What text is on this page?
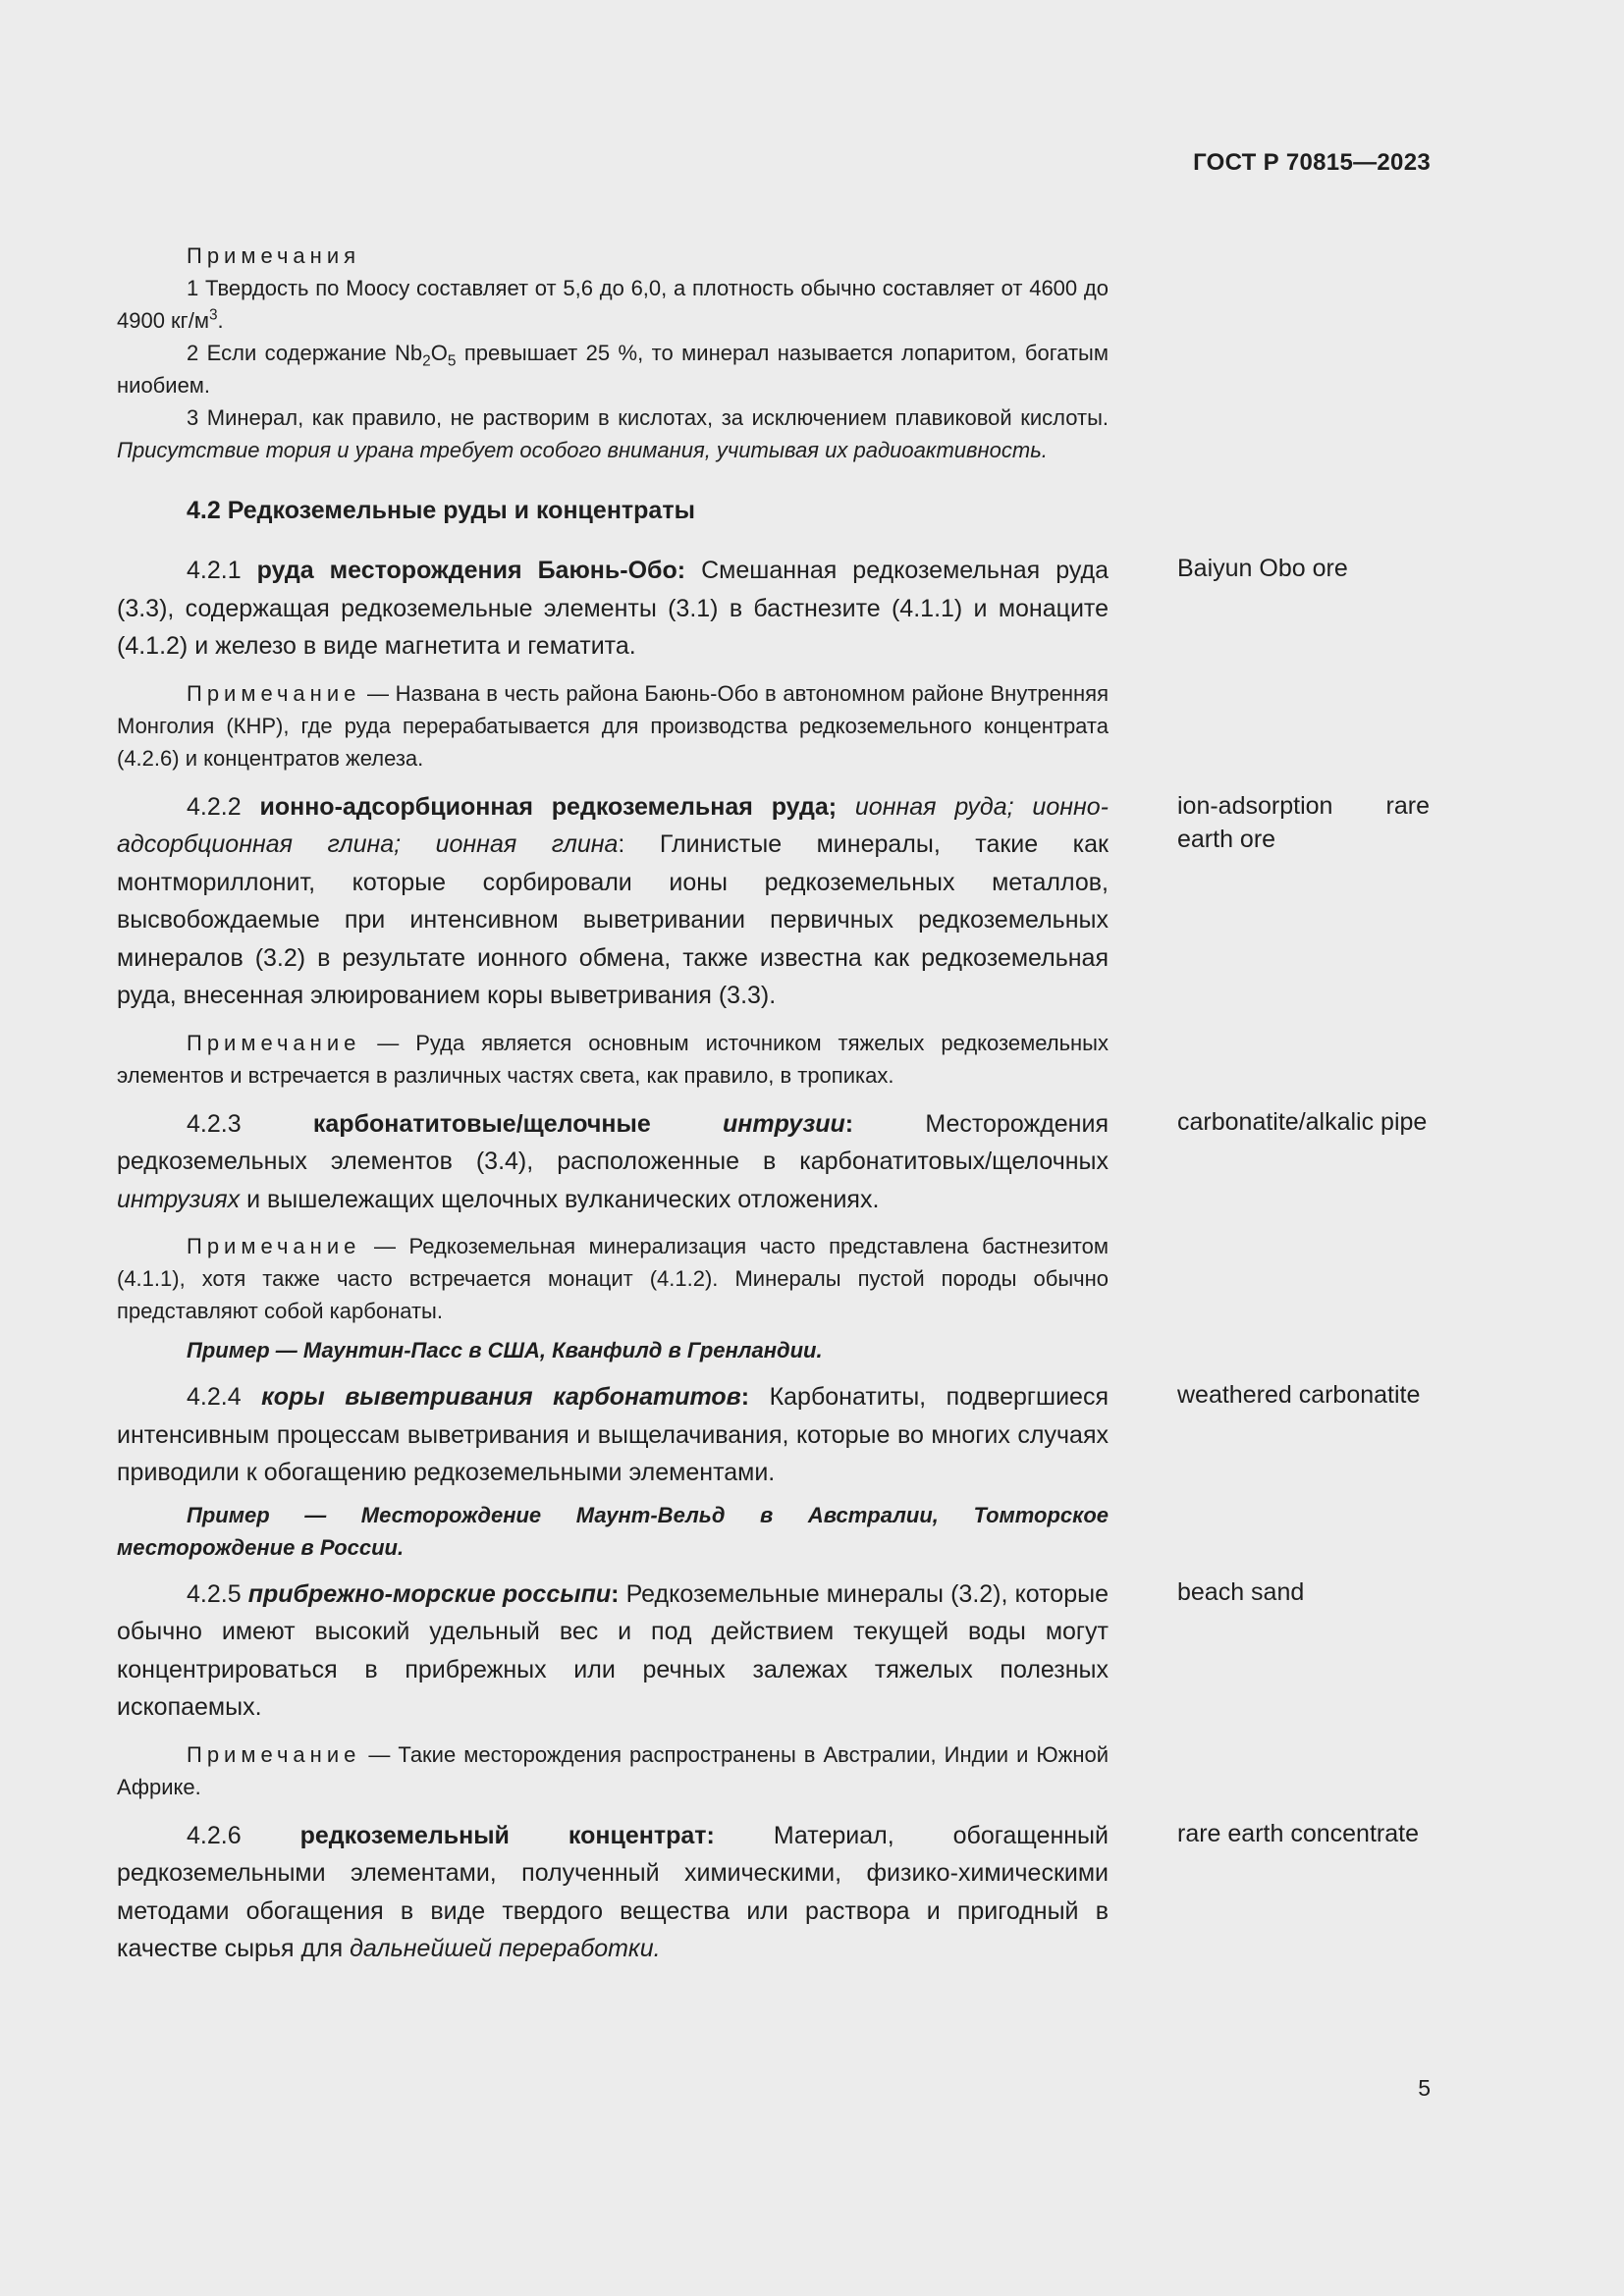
ГОСТ Р 70815—2023

Примечания

1 Твердость по Моосу составляет от 5,6 до 6,0, а плотность обычно составляет от 4600 до 4900 $кг/м^3$.

2 Если содержание $Nb_2O_5$ превышает 25 %, то минерал называется лопаритом, богатым ниобием.

3 Минерал, как правило, не растворим в кислотах, за исключением плавиковой кислоты. Присутствие тория и урана требует особого внимания, учитывая их радиоактивность.

4.2 Редкоземельные руды и концентраты

Baiyun Obo ore

4.2.1 руда месторождения Баюнь-Обо: Смешанная редкоземельная руда (3.3), содержащая редкоземельные элементы (3.1) в бастнезите (4.1.1) и монаците (4.1.2) и железо в виде магнетита и гематита.

Примечание — Названа в честь района Баюнь-Обо в автономном районе Внутренняя Монголия (КНР), где руда перерабатывается для производства редкоземельного концентрата (4.2.6) и концентратов железа.

ion-adsorption rare earth ore

4.2.2 ионно-адсорбционная редкоземельная руда; ионная руда; ионно-адсорбционная глина; ионная глина: Глинистые минералы, такие как монтмориллонит, которые сорбировали ионы редкоземельных металлов, высвобождаемые при интенсивном выветривании первичных редкоземельных минералов (3.2) в результате ионного обмена, также известна как редкоземельная руда, внесенная элюированием коры выветривания (3.3).

Примечание — Руда является основным источником тяжелых редкоземельных элементов и встречается в различных частях света, как правило, в тропиках.

carbonatite/alkalic pipe

4.2.3 карбонатитовые/щелочные интрузии: Месторождения редкоземельных элементов (3.4), расположенные в карбонатитовых/щелочных интрузиях и вышележащих щелочных вулканических отложениях.

Примечание — Редкоземельная минерализация часто представлена бастнезитом (4.1.1), хотя также часто встречается монацит (4.1.2). Минералы пустой породы обычно представляют собой карбонаты.

Пример — Маунтин-Пасс в США, Кванфилд в Гренландии.

weathered carbonatite

4.2.4 коры выветривания карбонатитов: Карбонатиты, подвергшиеся интенсивным процессам выветривания и выщелачивания, которые во многих случаях приводили к обогащению редкоземельными элементами.

Пример — Месторождение Маунт-Вельд в Австралии, Томторское месторождение в России.

beach sand

4.2.5 прибрежно-морские россыпи: Редкоземельные минералы (3.2), которые обычно имеют высокий удельный вес и под действием текущей воды могут концентрироваться в прибрежных или речных залежах тяжелых полезных ископаемых.

Примечание — Такие месторождения распространены в Австралии, Индии и Южной Африке.

rare earth concentrate

4.2.6 редкоземельный концентрат: Материал, обогащенный редкоземельными элементами, полученный химическими, физико-химическими методами обогащения в виде твердого вещества или раствора и пригодный в качестве сырья для дальнейшей переработки.

5
